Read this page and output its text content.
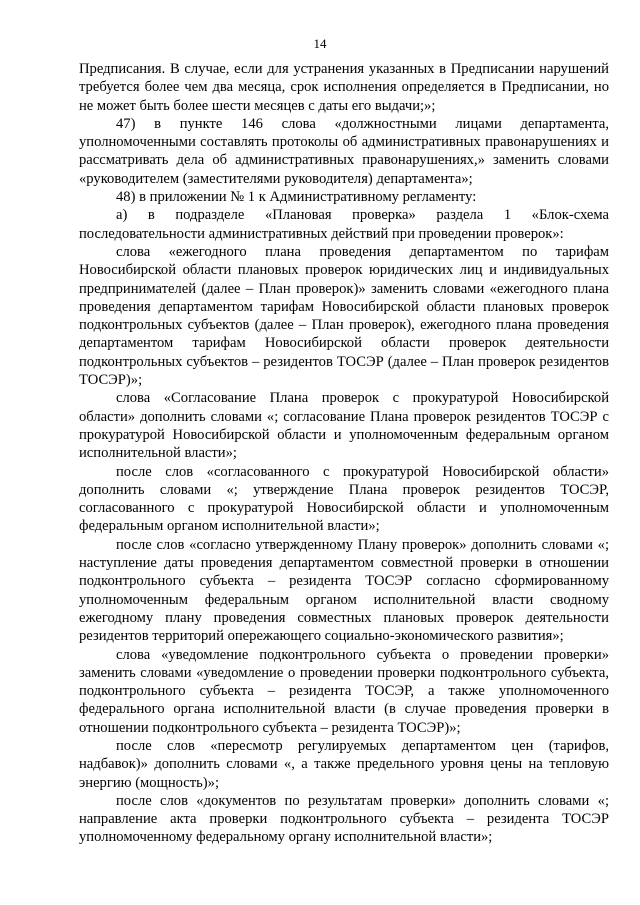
14

Предписания. В случае, если для устранения указанных в Предписании нарушений требуется более чем два месяца, срок исполнения определяется в Предписании, но не может быть более шести месяцев с даты его выдачи;»;

47) в пункте 146 слова «должностными лицами департамента, уполномоченными составлять протоколы об административных правонарушениях и рассматривать дела об административных правонарушениях,» заменить словами «руководителем (заместителями руководителя) департамента»;

48) в приложении № 1 к Административному регламенту:

а) в подразделе «Плановая проверка» раздела 1 «Блок-схема последовательности административных действий при проведении проверок»:

слова «ежегодного плана проведения департаментом по тарифам Новосибирской области плановых проверок юридических лиц и индивидуальных предпринимателей (далее – План проверок)» заменить словами «ежегодного плана проведения департаментом тарифам Новосибирской области плановых проверок подконтрольных субъектов (далее – План проверок), ежегодного плана проведения департаментом тарифам Новосибирской области проверок деятельности подконтрольных субъектов – резидентов ТОСЭР (далее – План проверок резидентов ТОСЭР)»;

слова «Согласование Плана проверок с прокуратурой Новосибирской области» дополнить словами «; согласование Плана проверок резидентов ТОСЭР с прокуратурой Новосибирской области и уполномоченным федеральным органом исполнительной власти»;

после слов «согласованного с прокуратурой Новосибирской области» дополнить словами «; утверждение Плана проверок резидентов ТОСЭР, согласованного с прокуратурой Новосибирской области и уполномоченным федеральным органом исполнительной власти»;

после слов «согласно утвержденному Плану проверок» дополнить словами «; наступление даты проведения департаментом совместной проверки в отношении подконтрольного субъекта – резидента ТОСЭР согласно сформированному уполномоченным федеральным органом исполнительной власти сводному ежегодному плану проведения совместных плановых проверок деятельности резидентов территорий опережающего социально-экономического развития»;

слова «уведомление подконтрольного субъекта о проведении проверки» заменить словами «уведомление о проведении проверки подконтрольного субъекта, подконтрольного субъекта – резидента ТОСЭР, а также уполномоченного федерального органа исполнительной власти (в случае проведения проверки в отношении подконтрольного субъекта – резидента ТОСЭР)»;

после слов «пересмотр регулируемых департаментом цен (тарифов, надбавок)» дополнить словами «, а также предельного уровня цены на тепловую энергию (мощность)»;

после слов «документов по результатам проверки» дополнить словами «; направление акта проверки подконтрольного субъекта – резидента ТОСЭР уполномоченному федеральному органу исполнительной власти»;
